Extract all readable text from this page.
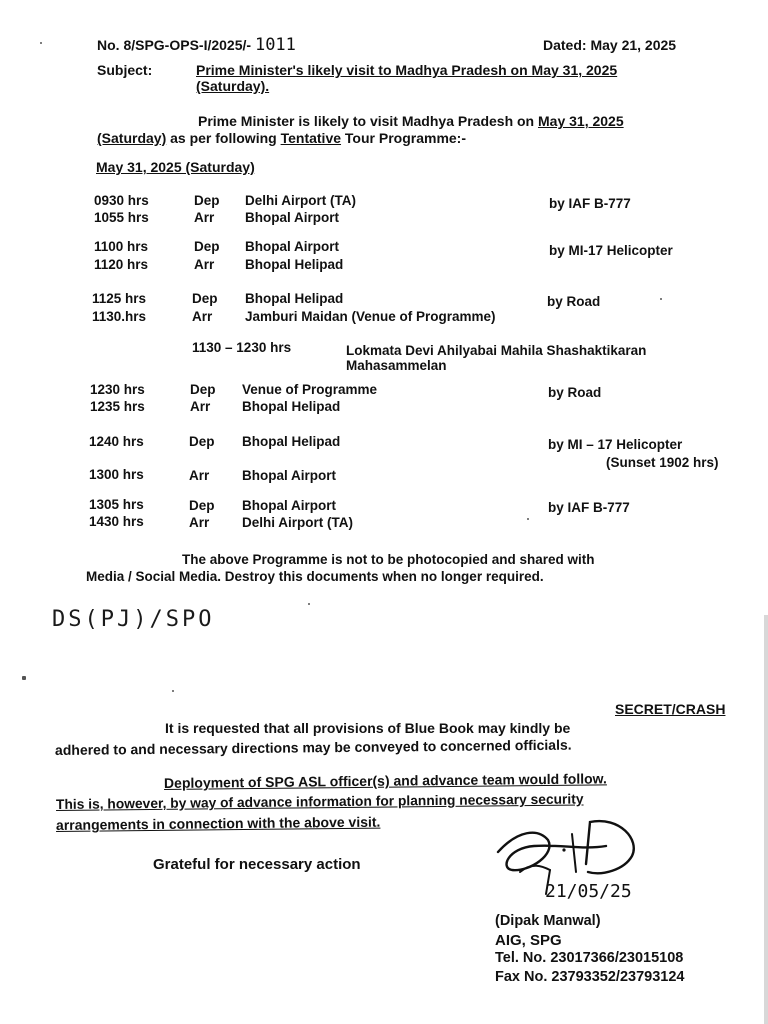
No. 8/SPG-OPS-I/2025/- 1011	Dated: May 21, 2025
Subject:	Prime Minister's likely visit to Madhya Pradesh on May 31, 2025
(Saturday).
Prime Minister is likely to visit Madhya Pradesh on May 31, 2025
(Saturday) as per following Tentative Tour Programme:-
May 31, 2025 (Saturday)
0930 hrs	Dep Delhi Airport (TA)	by IAF B-777
1055 hrs	Arr Bhopal Airport
1100 hrs	Dep Bhopal Airport	by MI-17 Helicopter
1120 hrs	Arr Bhopal Helipad
1125 hrs	Dep Bhopal Helipad	by Road
1130.hrs	Arr Jamburi Maidan (Venue of Programme)
1130 – 1230 hrs	Lokmata Devi Ahilyabai Mahila Shashaktikaran
Mahasammelan
1230 hrs	Dep Venue of Programme	by Road
1235 hrs	Arr Bhopal Helipad
1240 hrs	Dep Bhopal Helipad	by MI – 17 Helicopter
(Sunset 1902 hrs)
1300 hrs	Arr Bhopal Airport
1305 hrs	Dep Bhopal Airport	by IAF B-777
1430 hrs	Arr Delhi Airport (TA)
The above Programme is not to be photocopied and shared with
Media / Social Media. Destroy this documents when no longer required.
DS(PJ)/SPO
SECRET/CRASH
It is requested that all provisions of Blue Book may kindly be
adhered to and necessary directions may be conveyed to concerned officials.
Deployment of SPG ASL officer(s) and advance team would follow.
This is, however, by way of advance information for planning necessary security
arrangements in connection with the above visit.
Grateful for necessary action
21/05/25
(Dipak Manwal)
AIG, SPG
Tel. No. 23017366/23015108
Fax No. 23793352/23793124
